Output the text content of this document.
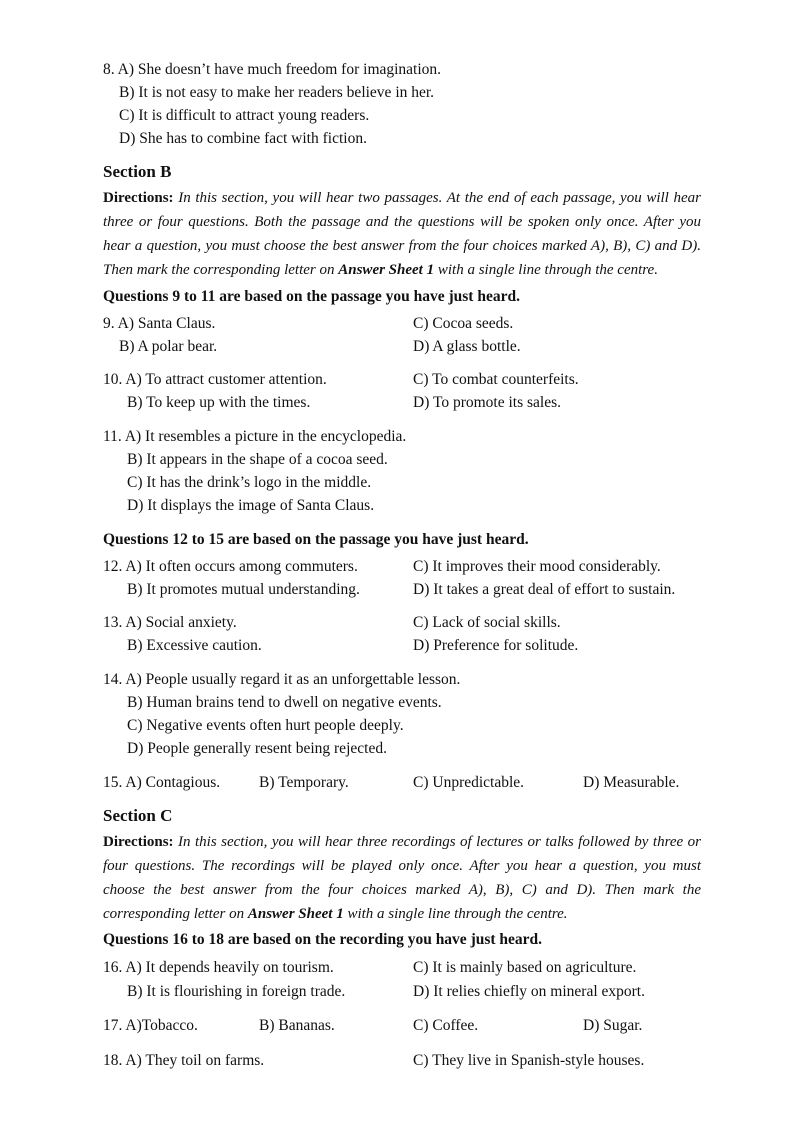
8. A) She doesn’t have much freedom for imagination.
B) It is not easy to make her readers believe in her.
C) It is difficult to attract young readers.
D) She has to combine fact with fiction.
Section B
Directions: In this section, you will hear two passages. At the end of each passage, you will hear three or four questions. Both the passage and the questions will be spoken only once. After you hear a question, you must choose the best answer from the four choices marked A), B), C) and D). Then mark the corresponding letter on Answer Sheet 1 with a single line through the centre.
Questions 9 to 11 are based on the passage you have just heard.
9. A) Santa Claus.	C) Cocoa seeds.
B) A polar bear.	D) A glass bottle.
10. A) To attract customer attention.	C) To combat counterfeits.
B) To keep up with the times.	D) To promote its sales.
11. A) It resembles a picture in the encyclopedia.
B) It appears in the shape of a cocoa seed.
C) It has the drink’s logo in the middle.
D) It displays the image of Santa Claus.
Questions 12 to 15 are based on the passage you have just heard.
12. A) It often occurs among commuters.	C) It improves their mood considerably.
B) It promotes mutual understanding.	D) It takes a great deal of effort to sustain.
13. A) Social anxiety.	C) Lack of social skills.
B) Excessive caution.	D) Preference for solitude.
14. A) People usually regard it as an unforgettable lesson.
B) Human brains tend to dwell on negative events.
C) Negative events often hurt people deeply.
D) People generally resent being rejected.
15. A) Contagious.	B) Temporary.	C) Unpredictable.	D) Measurable.
Section C
Directions: In this section, you will hear three recordings of lectures or talks followed by three or four questions. The recordings will be played only once. After you hear a question, you must choose the best answer from the four choices marked A), B), C) and D). Then mark the corresponding letter on Answer Sheet 1 with a single line through the centre.
Questions 16 to 18 are based on the recording you have just heard.
16. A) It depends heavily on tourism.	C) It is mainly based on agriculture.
B) It is flourishing in foreign trade.	D) It relies chiefly on mineral export.
17. A)Tobacco.	B) Bananas.	C) Coffee.	D) Sugar.
18. A) They toil on farms.	C) They live in Spanish-style houses.
